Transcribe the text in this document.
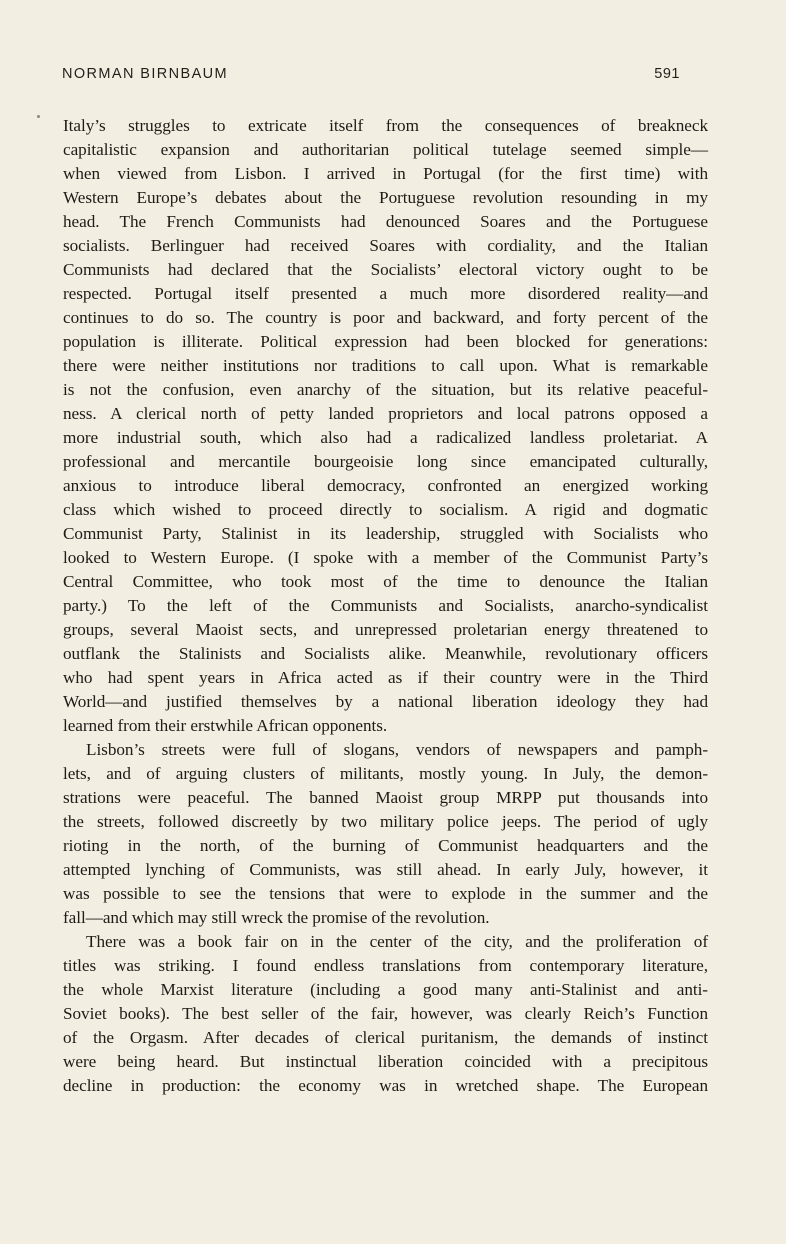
NORMAN BIRNBAUM	591

Italy’s struggles to extricate itself from the consequences of breakneck
capitalistic expansion and authoritarian political tutelage seemed simple—
when viewed from Lisbon. I arrived in Portugal (for the first time) with
Western Europe’s debates about the Portuguese revolution resounding in my
head. The French Communists had denounced Soares and the Portuguese
socialists. Berlinguer had received Soares with cordiality, and the Italian
Communists had declared that the Socialists’ electoral victory ought to be
respected. Portugal itself presented a much more disordered reality—and
continues to do so. The country is poor and backward, and forty percent of the
population is illiterate. Political expression had been blocked for generations:
there were neither institutions nor traditions to call upon. What is remarkable
is not the confusion, even anarchy of the situation, but its relative peaceful-
ness. A clerical north of petty landed proprietors and local patrons opposed a
more industrial south, which also had a radicalized landless proletariat. A
professional and mercantile bourgeoisie long since emancipated culturally,
anxious to introduce liberal democracy, confronted an energized working
class which wished to proceed directly to socialism. A rigid and dogmatic
Communist Party, Stalinist in its leadership, struggled with Socialists who
looked to Western Europe. (I spoke with a member of the Communist Party’s
Central Committee, who took most of the time to denounce the Italian
party.) To the left of the Communists and Socialists, anarcho-syndicalist
groups, several Maoist sects, and unrepressed proletarian energy threatened to
outflank the Stalinists and Socialists alike. Meanwhile, revolutionary officers
who had spent years in Africa acted as if their country were in the Third
World—and justified themselves by a national liberation ideology they had
learned from their erstwhile African opponents.

Lisbon’s streets were full of slogans, vendors of newspapers and pamph-
lets, and of arguing clusters of militants, mostly young. In July, the demon-
strations were peaceful. The banned Maoist group MRPP put thousands into
the streets, followed discreetly by two military police jeeps. The period of ugly
rioting in the north, of the burning of Communist headquarters and the
attempted lynching of Communists, was still ahead. In early July, however, it
was possible to see the tensions that were to explode in the summer and the
fall—and which may still wreck the promise of the revolution.

There was a book fair on in the center of the city, and the proliferation of
titles was striking. I found endless translations from contemporary literature,
the whole Marxist literature (including a good many anti-Stalinist and anti-
Soviet books). The best seller of the fair, however, was clearly Reich’s Function
of the Orgasm. After decades of clerical puritanism, the demands of instinct
were being heard. But instinctual liberation coincided with a precipitous
decline in production: the economy was in wretched shape. The European
